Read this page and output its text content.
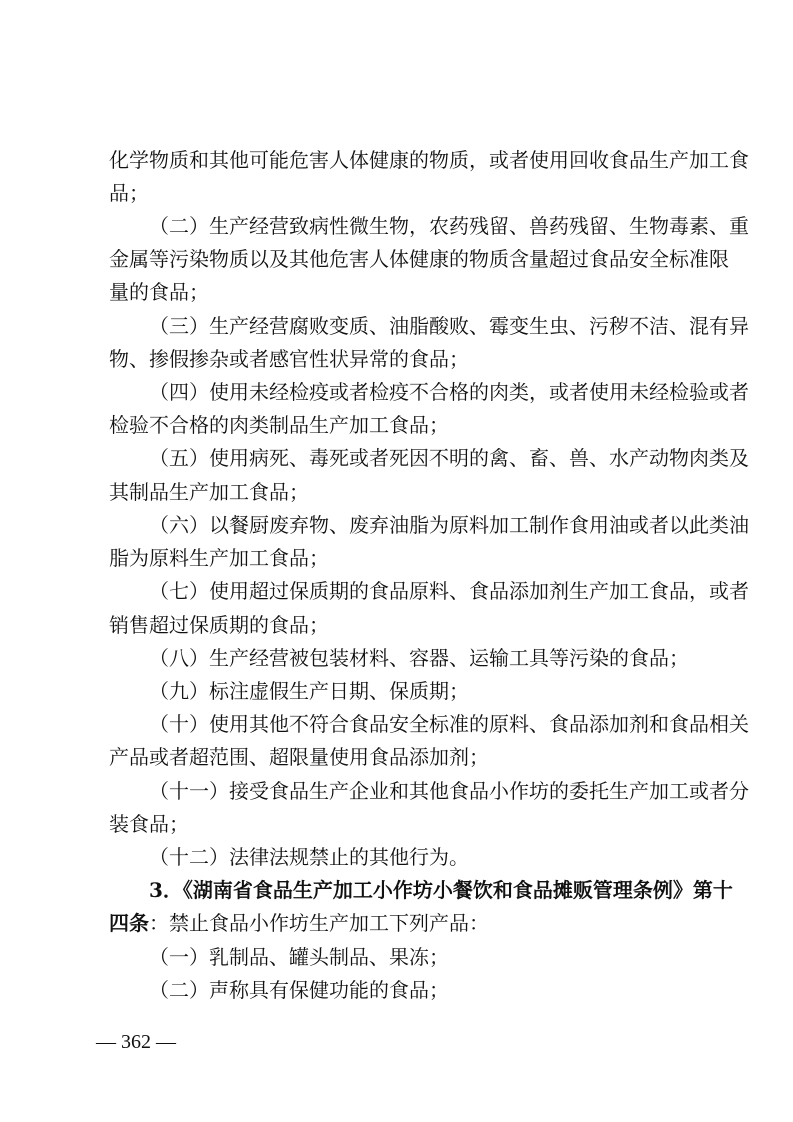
化学物质和其他可能危害人体健康的物质，或者使用回收食品生产加工食
品；
（二）生产经营致病性微生物，农药残留、兽药残留、生物毒素、重
金属等污染物质以及其他危害人体健康的物质含量超过食品安全标准限
量的食品；
（三）生产经营腐败变质、油脂酸败、霉变生虫、污秽不洁、混有异
物、掺假掺杂或者感官性状异常的食品；
（四）使用未经检疫或者检疫不合格的肉类，或者使用未经检验或者
检验不合格的肉类制品生产加工食品；
（五）使用病死、毒死或者死因不明的禽、畜、兽、水产动物肉类及
其制品生产加工食品；
（六）以餐厨废弃物、废弃油脂为原料加工制作食用油或者以此类油
脂为原料生产加工食品；
（七）使用超过保质期的食品原料、食品添加剂生产加工食品，或者
销售超过保质期的食品；
（八）生产经营被包装材料、容器、运输工具等污染的食品；
（九）标注虚假生产日期、保质期；
（十）使用其他不符合食品安全标准的原料、食品添加剂和食品相关
产品或者超范围、超限量使用食品添加剂；
（十一）接受食品生产企业和其他食品小作坊的委托生产加工或者分
装食品；
（十二）法律法规禁止的其他行为。
3．《湖南省食品生产加工小作坊小餐饮和食品摊贩管理条例》第十
四条：禁止食品小作坊生产加工下列产品：
（一）乳制品、罐头制品、果冻；
（二）声称具有保健功能的食品；
— 362 —
